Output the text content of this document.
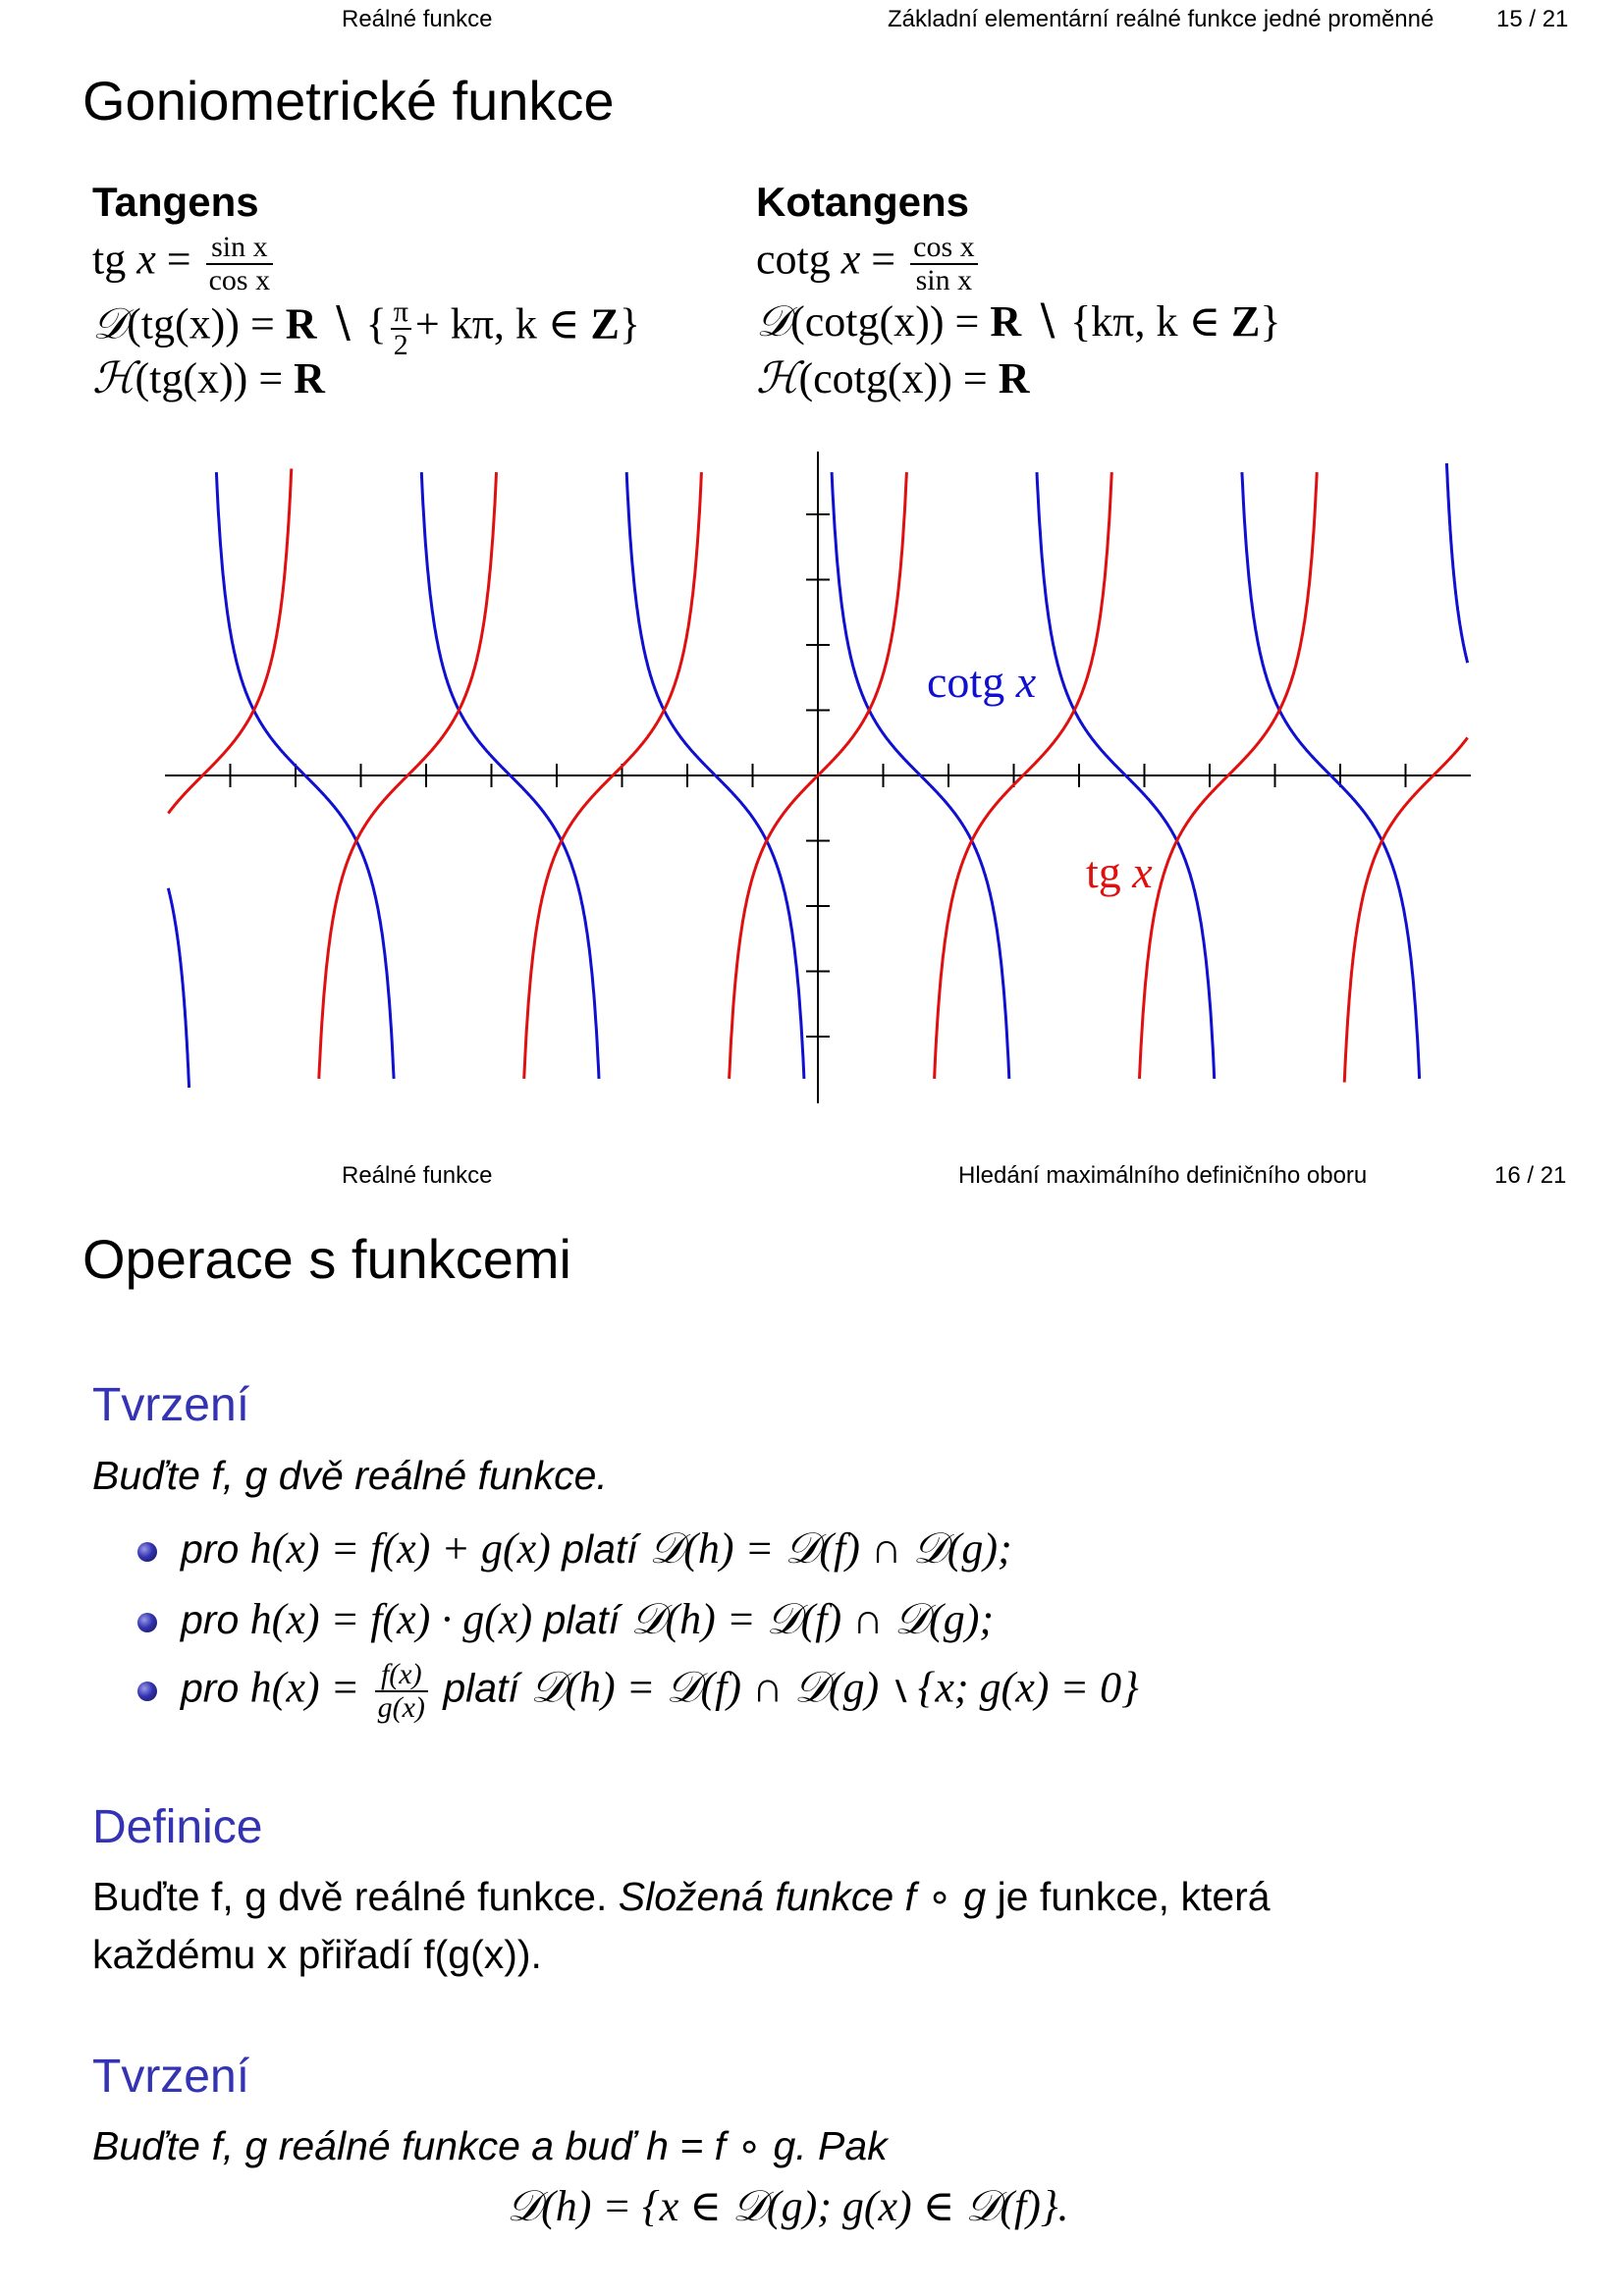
Reálné funkce	Základní elementární reálné funkce jedné proměnné	15 / 21
Goniometrické funkce
Tangens
tg $x = \frac{\text{sin x}}{\text{cos x}}$
𝒟(tg(x)) = R ∖ { $\frac{\pi}{2} + k\pi$, k ∈ Z}
ℋ(tg(x)) = R
Kotangens
cotg $x = \frac{\text{cos x}}{\text{sin x}}$
𝒟(cotg(x)) = R ∖ {kπ, k ∈ Z}
ℋ(cotg(x)) = R
cotg x
tg x
Reálné funkce	Hledání maximálního definičního oboru	16 / 21
Operace s funkcemi
Tvrzení
Buďte f, g dvě reálné funkce.
pro h(x) = f(x) + g(x) platí 𝒟(h) = 𝒟(f) ∩ 𝒟(g);
pro h(x) = f(x) · g(x) platí 𝒟(h) = 𝒟(f) ∩ 𝒟(g);
pro $h(x) = \frac{f(x)}{g(x)}$ platí 𝒟(h) = 𝒟(f) ∩ 𝒟(g) ∖ {x; g(x) = 0}
Definice
Buďte f, g dvě reálné funkce. Složená funkce f ∘ g je funkce, která
každému x přiřadí f(g(x)).
Tvrzení
Buďte f, g reálné funkce a buď h = f ∘ g. Pak
𝒟(h) = {x ∈ 𝒟(g); g(x) ∈ 𝒟(f)}.
